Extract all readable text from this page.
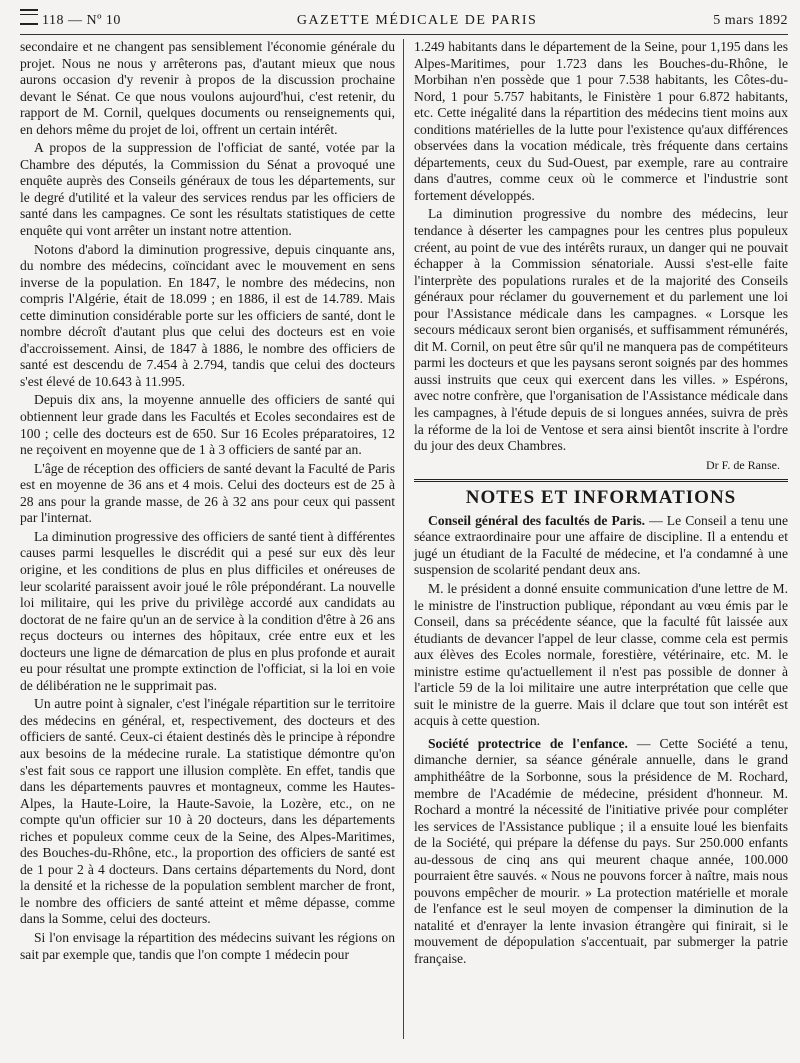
118 — Nº 10	GAZETTE MÉDICALE DE PARIS	5 mars 1892

secondaire et ne changent pas sensiblement l'économie générale du projet. Nous ne nous y arrêterons pas, d'autant mieux que nous aurons occasion d'y revenir à propos de la discussion prochaine devant le Sénat. Ce que nous voulons aujourd'hui, c'est retenir, du rapport de M. Cornil, quelques documents ou renseignements qui, en dehors même du projet de loi, offrent un certain intérêt.

A propos de la suppression de l'officiat de santé, votée par la Chambre des députés, la Commission du Sénat a provoqué une enquête auprès des Conseils généraux de tous les départements, sur le degré d'utilité et la valeur des services rendus par les officiers de santé dans les campagnes. Ce sont les résultats statistiques de cette enquête qui vont arrêter un instant notre attention.

Notons d'abord la diminution progressive, depuis cinquante ans, du nombre des médecins, coïncidant avec le mouvement en sens inverse de la population. En 1847, le nombre des médecins, non compris l'Algérie, était de 18.099 ; en 1886, il est de 14.789. Mais cette diminution considérable porte sur les officiers de santé, dont le nombre décroît d'autant plus que celui des docteurs est en voie d'accroissement. Ainsi, de 1847 à 1886, le nombre des officiers de santé est descendu de 7.454 à 2.794, tandis que celui des docteurs s'est élevé de 10.643 à 11.995.

Depuis dix ans, la moyenne annuelle des officiers de santé qui obtiennent leur grade dans les Facultés et Ecoles secondaires est de 100 ; celle des docteurs est de 650. Sur 16 Ecoles préparatoires, 12 ne reçoivent en moyenne que de 1 à 3 officiers de santé par an.

L'âge de réception des officiers de santé devant la Faculté de Paris est en moyenne de 36 ans et 4 mois. Celui des docteurs est de 25 à 28 ans pour la grande masse, de 26 à 32 ans pour ceux qui passent par l'internat.

La diminution progressive des officiers de santé tient à différentes causes parmi lesquelles le discrédit qui a pesé sur eux dès leur origine, et les conditions de plus en plus difficiles et onéreuses de leur scolarité paraissent avoir joué le rôle prépondérant. La nouvelle loi militaire, qui les prive du privilège accordé aux candidats au doctorat de ne faire qu'un an de service à la condition d'être à 26 ans reçus docteurs ou internes des hôpitaux, crée entre eux et les docteurs une ligne de démarcation de plus en plus profonde et aurait eu pour résultat une prompte extinction de l'officiat, si la loi en voie de délibération ne le supprimait pas.

Un autre point à signaler, c'est l'inégale répartition sur le territoire des médecins en général, et, respectivement, des docteurs et des officiers de santé. Ceux-ci étaient destinés dès le principe à répondre aux besoins de la médecine rurale. La statistique démontre qu'on s'est fait sous ce rapport une illusion complète. En effet, tandis que dans les départements pauvres et montagneux, comme les Hautes-Alpes, la Haute-Loire, la Haute-Savoie, la Lozère, etc., on ne compte qu'un officier sur 10 à 20 docteurs, dans les départements riches et populeux comme ceux de la Seine, des Alpes-Maritimes, des Bouches-du-Rhône, etc., la proportion des officiers de santé est de 1 pour 2 à 4 docteurs. Dans certains départements du Nord, dont la densité et la richesse de la population semblent marcher de front, le nombre des officiers de santé atteint et même dépasse, comme dans la Somme, celui des docteurs.

Si l'on envisage la répartition des médecins suivant les régions on sait par exemple que, tandis que l'on compte 1 médecin pour

1.249 habitants dans le département de la Seine, pour 1,195 dans les Alpes-Maritimes, pour 1.723 dans les Bouches-du-Rhône, le Morbihan n'en possède que 1 pour 7.538 habitants, les Côtes-du-Nord, 1 pour 5.757 habitants, le Finistère 1 pour 6.872 habitants, etc. Cette inégalité dans la répartition des médecins tient moins aux conditions matérielles de la lutte pour l'existence qu'aux différences observées dans la vocation médicale, très fréquente dans certains départements, ceux du Sud-Ouest, par exemple, rare au contraire dans d'autres, comme ceux où le commerce et l'industrie sont fortement développés.

La diminution progressive du nombre des médecins, leur tendance à déserter les campagnes pour les centres plus populeux créent, au point de vue des intérêts ruraux, un danger qui ne pouvait échapper à la Commission sénatoriale. Aussi s'est-elle faite l'interprète des populations rurales et de la majorité des Conseils généraux pour réclamer du gouvernement et du parlement une loi pour l'Assistance médicale dans les campagnes. « Lorsque les secours médicaux seront bien organisés, et suffisamment rémunérés, dit M. Cornil, on peut être sûr qu'il ne manquera pas de compétiteurs parmi les docteurs et que les paysans seront soignés par des hommes aussi instruits que ceux qui exercent dans les villes. » Espérons, avec notre confrère, que l'organisation de l'Assistance médicale dans les campagnes, à l'étude depuis de si longues années, suivra de près la réforme de la loi de Ventose et sera ainsi bientôt inscrite à l'ordre du jour des deux Chambres.

Dr F. de Ranse.
NOTES ET INFORMATIONS

Conseil général des facultés de Paris. — Le Conseil a tenu une séance extraordinaire pour une affaire de discipline. Il a entendu et jugé un étudiant de la Faculté de médecine, et l'a condamné à une suspension de scolarité pendant deux ans.

M. le président a donné ensuite communication d'une lettre de M. le ministre de l'instruction publique, répondant au vœu émis par le Conseil, dans sa précédente séance, que la faculté fût laissée aux étudiants de devancer l'appel de leur classe, comme cela est permis aux élèves des Ecoles normale, forestière, vétérinaire, etc. M. le ministre estime qu'actuellement il n'est pas possible de donner à l'article 59 de la loi militaire une autre interprétation que celle que suit le ministre de la guerre. Mais il dclare que tout son intérêt est acquis à cette question.

Société protectrice de l'enfance. — Cette Société a tenu, dimanche dernier, sa séance générale annuelle, dans le grand amphithéâtre de la Sorbonne, sous la présidence de M. Rochard, membre de l'Académie de médecine, président d'honneur. M. Rochard a montré la nécessité de l'initiative privée pour compléter les services de l'Assistance publique ; il a ensuite loué les bienfaits de la Société, qui prépare la défense du pays. Sur 250.000 enfants au-dessous de cinq ans qui meurent chaque année, 100.000 pourraient être sauvés. « Nous ne pouvons forcer à naître, mais nous pouvons empêcher de mourir. » La protection matérielle et morale de l'enfance est le seul moyen de compenser la diminution de la natalité et d'enrayer la lente invasion étrangère qui finirait, si le mouvement de dépopulation s'accentuait, par submerger la patrie française.
